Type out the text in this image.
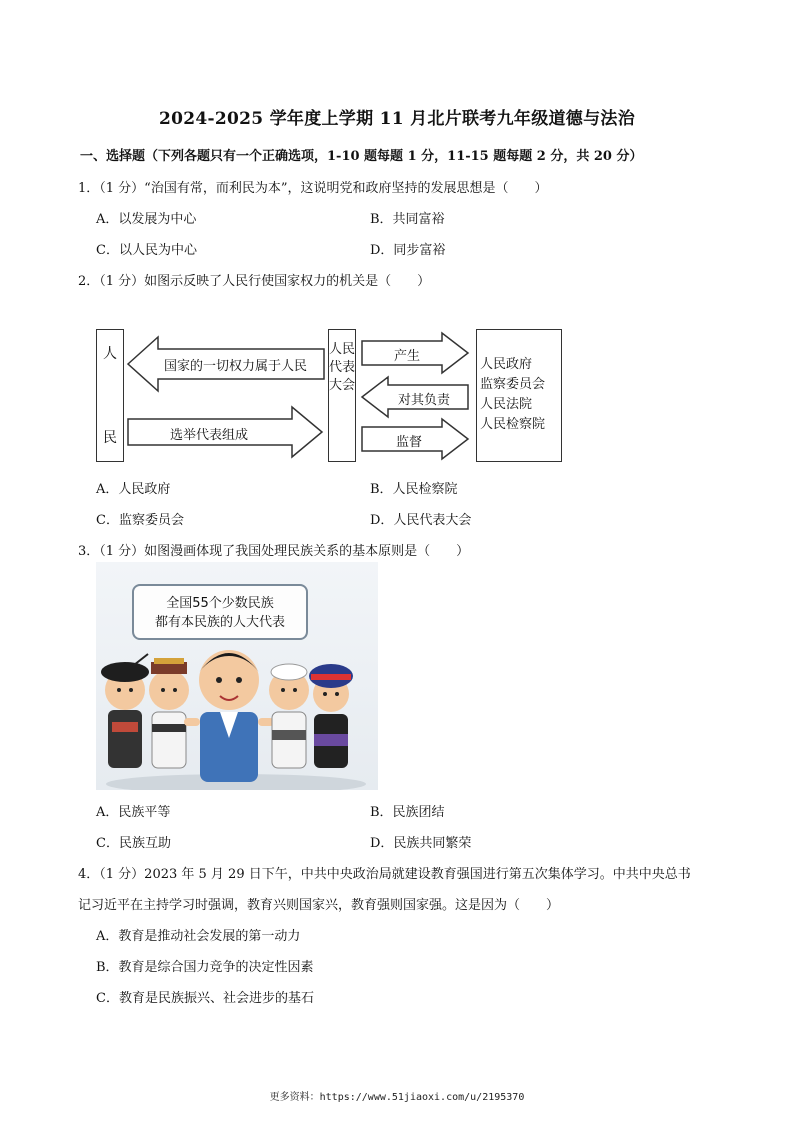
2024-2025 学年度上学期 11 月北片联考九年级道德与法治
一、选择题（下列各题只有一个正确选项，1-10 题每题 1 分，11-15 题每题 2 分，共 20 分）
1．（1 分）“治国有常，而利民为本”，这说明党和政府坚持的发展思想是（　　）
A．以发展为中心	B．共同富裕
C．以人民为中心	D．同步富裕
2．（1 分）如图示反映了人民行使国家权力的机关是（　　）
人
民
国家的一切权力属于人民
选举代表组成
人民代表大会
产生
对其负责
监督
人民政府
监察委员会
人民法院
人民检察院
A．人民政府	B．人民检察院
C．监察委员会	D．人民代表大会
3．（1 分）如图漫画体现了我国处理民族关系的基本原则是（　　）
全国55个少数民族
都有本民族的人大代表
A．民族平等	B．民族团结
C．民族互助	D．民族共同繁荣
4．（1 分）2023 年 5 月 29 日下午，中共中央政治局就建设教育强国进行第五次集体学习。中共中央总书
记习近平在主持学习时强调，教育兴则国家兴，教育强则国家强。这是因为（　　）
A．教育是推动社会发展的第一动力
B．教育是综合国力竞争的决定性因素
C．教育是民族振兴、社会进步的基石
更多资料：https://www.51jiaoxi.com/u/2195370
